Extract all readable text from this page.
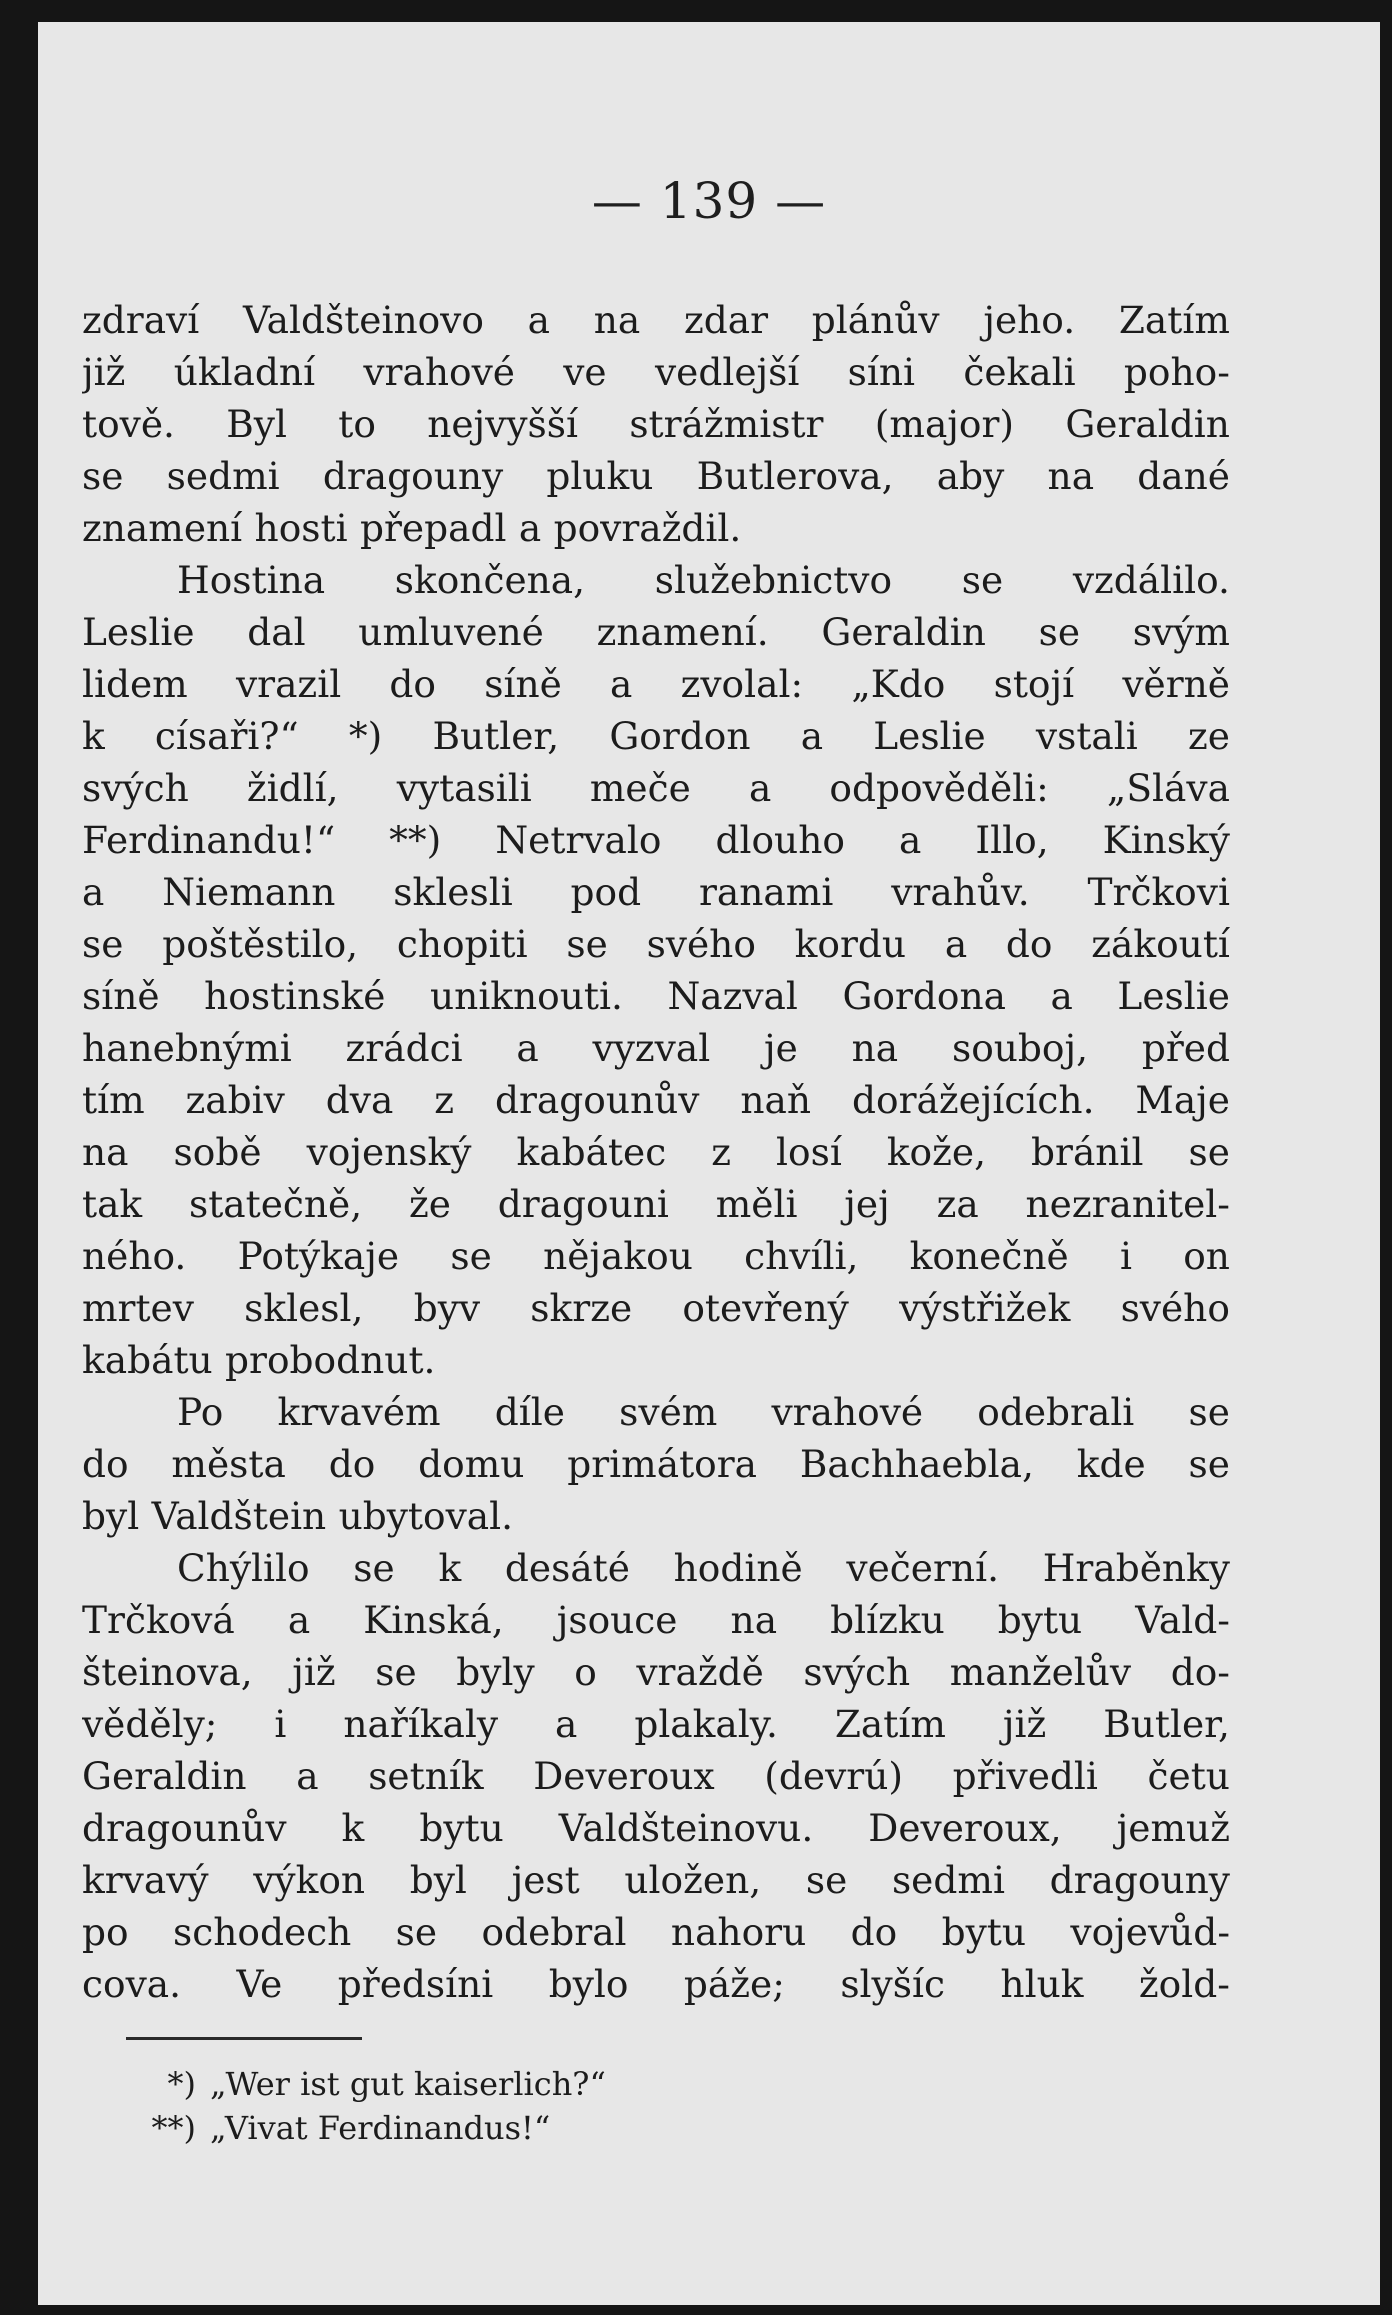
— 139 —
zdraví Valdšteinovo a na zdar plánův jeho. Zatím
již úkladní vrahové ve vedlejší síni čekali poho-
tově. Byl to nejvyšší strážmistr (major) Geraldin
se sedmi dragouny pluku Butlerova, aby na dané
znamení hosti přepadl a povraždil.
Hostina skončena, služebnictvo se vzdálilo.
Leslie dal umluvené znamení. Geraldin se svým
lidem vrazil do síně a zvolal: „Kdo stojí věrně
k císaři?“ *) Butler, Gordon a Leslie vstali ze
svých židlí, vytasili meče a odpověděli: „Sláva
Ferdinandu!“ **) Netrvalo dlouho a Illo, Kinský
a Niemann sklesli pod ranami vrahův. Trčkovi
se poštěstilo, chopiti se svého kordu a do zákoutí
síně hostinské uniknouti. Nazval Gordona a Leslie
hanebnými zrádci a vyzval je na souboj, před
tím zabiv dva z dragounův naň dorážejících. Maje
na sobě vojenský kabátec z losí kože, bránil se
tak statečně, že dragouni měli jej za nezranitel-
ného. Potýkaje se nějakou chvíli, konečně i on
mrtev sklesl, byv skrze otevřený výstřižek svého
kabátu probodnut.
Po krvavém díle svém vrahové odebrali se
do města do domu primátora Bachhaebla, kde se
byl Valdštein ubytoval.
Chýlilo se k desáté hodině večerní. Hraběnky
Trčková a Kinská, jsouce na blízku bytu Vald-
šteinova, již se byly o vraždě svých manželův do-
věděly; i naříkaly a plakaly. Zatím již Butler,
Geraldin a setník Deveroux (devrú) přivedli četu
dragounův k bytu Valdšteinovu. Deveroux, jemuž
krvavý výkon byl jest uložen, se sedmi dragouny
po schodech se odebral nahoru do bytu vojevůd-
cova. Ve předsíni bylo páže; slyšíc hluk žold-
*) „Wer ist gut kaiserlich?“
**) „Vivat Ferdinandus!“
